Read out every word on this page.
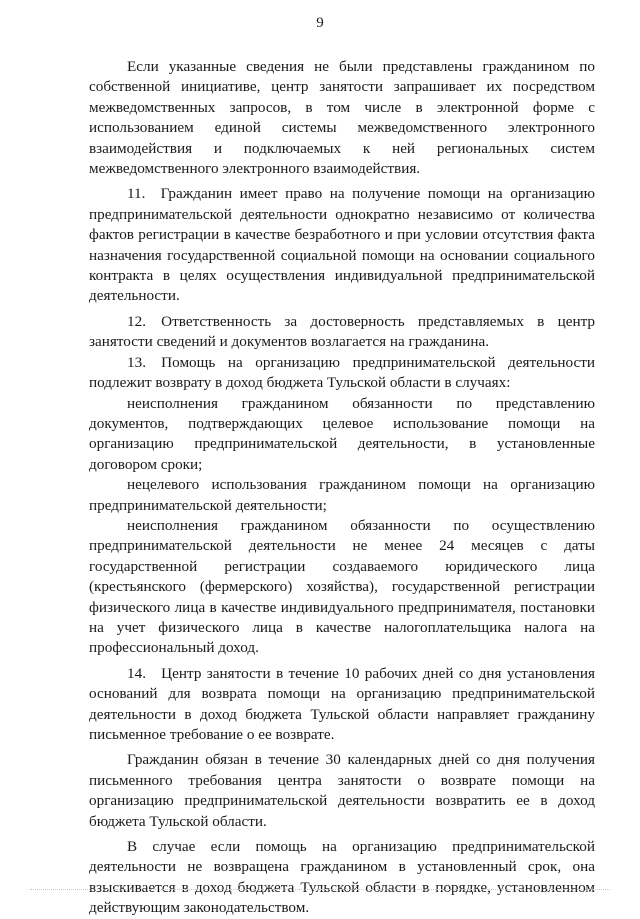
9

Если указанные сведения не были представлены гражданином по собственной инициативе, центр занятости запрашивает их посредством межведомственных запросов, в том числе в электронной форме с использованием единой системы межведомственного электронного взаимодействия и подключаемых к ней региональных систем межведомственного электронного взаимодействия.

11. Гражданин имеет право на получение помощи на организацию предпринимательской деятельности однократно независимо от количества фактов регистрации в качестве безработного и при условии отсутствия факта назначения государственной социальной помощи на основании социального контракта в целях осуществления индивидуальной предпринимательской деятельности.

12. Ответственность за достоверность представляемых в центр занятости сведений и документов возлагается на гражданина.

13. Помощь на организацию предпринимательской деятельности подлежит возврату в доход бюджета Тульской области в случаях:

неисполнения гражданином обязанности по представлению документов, подтверждающих целевое использование помощи на организацию предпринимательской деятельности, в установленные договором сроки;

нецелевого использования гражданином помощи на организацию предпринимательской деятельности;

неисполнения гражданином обязанности по осуществлению предпринимательской деятельности не менее 24 месяцев с даты государственной регистрации создаваемого юридического лица (крестьянского (фермерского) хозяйства), государственной регистрации физического лица в качестве индивидуального предпринимателя, постановки на учет физического лица в качестве налогоплательщика налога на профессиональный доход.

14. Центр занятости в течение 10 рабочих дней со дня установления оснований для возврата помощи на организацию предпринимательской деятельности в доход бюджета Тульской области направляет гражданину письменное требование о ее возврате.

Гражданин обязан в течение 30 календарных дней со дня получения письменного требования центра занятости о возврате помощи на организацию предпринимательской деятельности возвратить ее в доход бюджета Тульской области.

В случае если помощь на организацию предпринимательской деятельности не возвращена гражданином в установленный срок, она взыскивается в доход бюджета Тульской области в порядке, установленном действующим законодательством.
